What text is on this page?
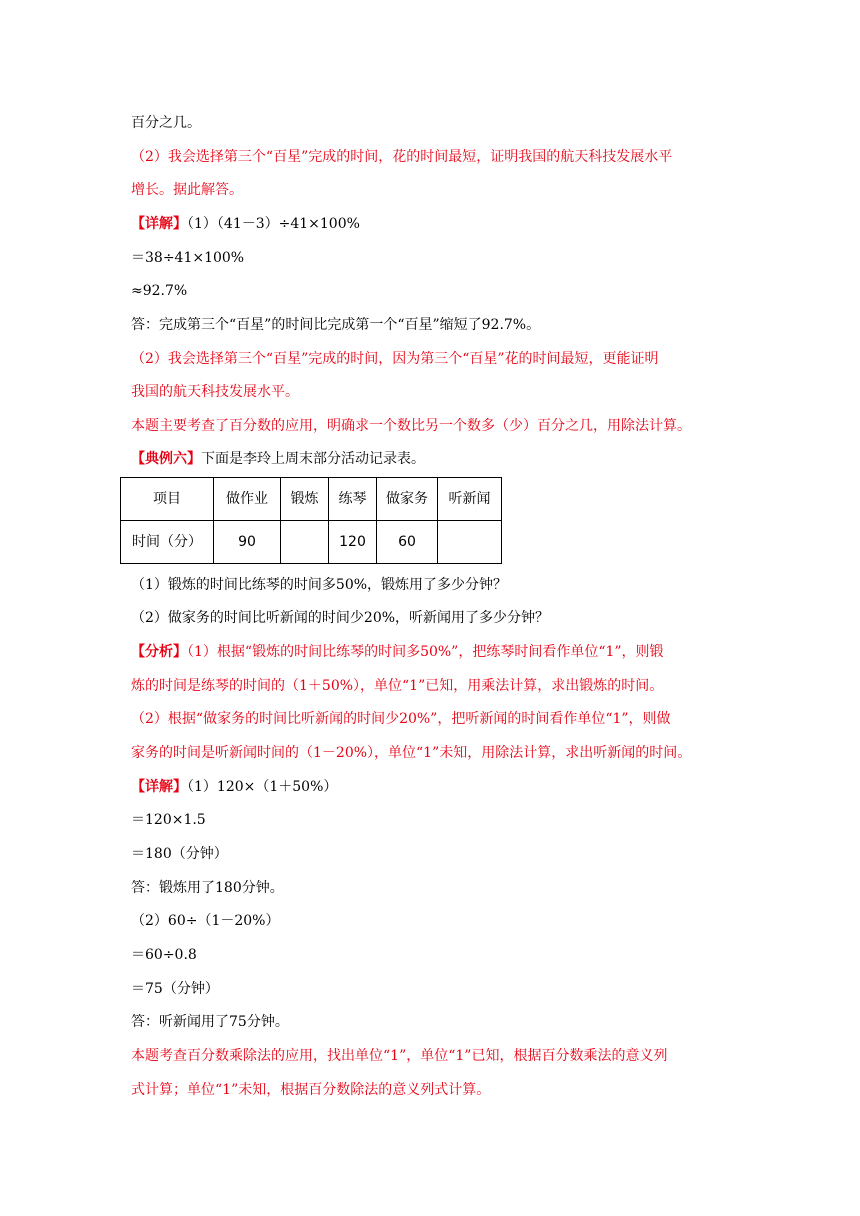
百分之几。
（2）我会选择第三个“百星”完成的时间，花的时间最短，证明我国的航天科技发展水平
增长。据此解答。
【详解】（1）（41－3）÷41×100%
＝38÷41×100%
≈92.7%
答：完成第三个“百星”的时间比完成第一个“百星”缩短了92.7%。
（2）我会选择第三个“百星”完成的时间，因为第三个“百星”花的时间最短，更能证明
我国的航天科技发展水平。
本题主要考查了百分数的应用，明确求一个数比另一个数多（少）百分之几，用除法计算。
【典例六】下面是李玲上周末部分活动记录表。
项目	做作业	锻炼	练琴	做家务	听新闻
时间（分）	90		120	60	
（1）锻炼的时间比练琴的时间多50%，锻炼用了多少分钟？
（2）做家务的时间比听新闻的时间少20%，听新闻用了多少分钟？
【分析】（1）根据“锻炼的时间比练琴的时间多50%”，把练琴时间看作单位“1”，则锻
炼的时间是练琴的时间的（1＋50%），单位“1”已知，用乘法计算，求出锻炼的时间。
（2）根据“做家务的时间比听新闻的时间少20%”，把听新闻的时间看作单位“1”，则做
家务的时间是听新闻时间的（1－20%），单位“1”未知，用除法计算，求出听新闻的时间。
【详解】（1）120×（1＋50%）
＝120×1.5
＝180（分钟）
答：锻炼用了180分钟。
（2）60÷（1－20%）
＝60÷0.8
＝75（分钟）
答：听新闻用了75分钟。
本题考查百分数乘除法的应用，找出单位“1”，单位“1”已知，根据百分数乘法的意义列
式计算；单位“1”未知，根据百分数除法的意义列式计算。
